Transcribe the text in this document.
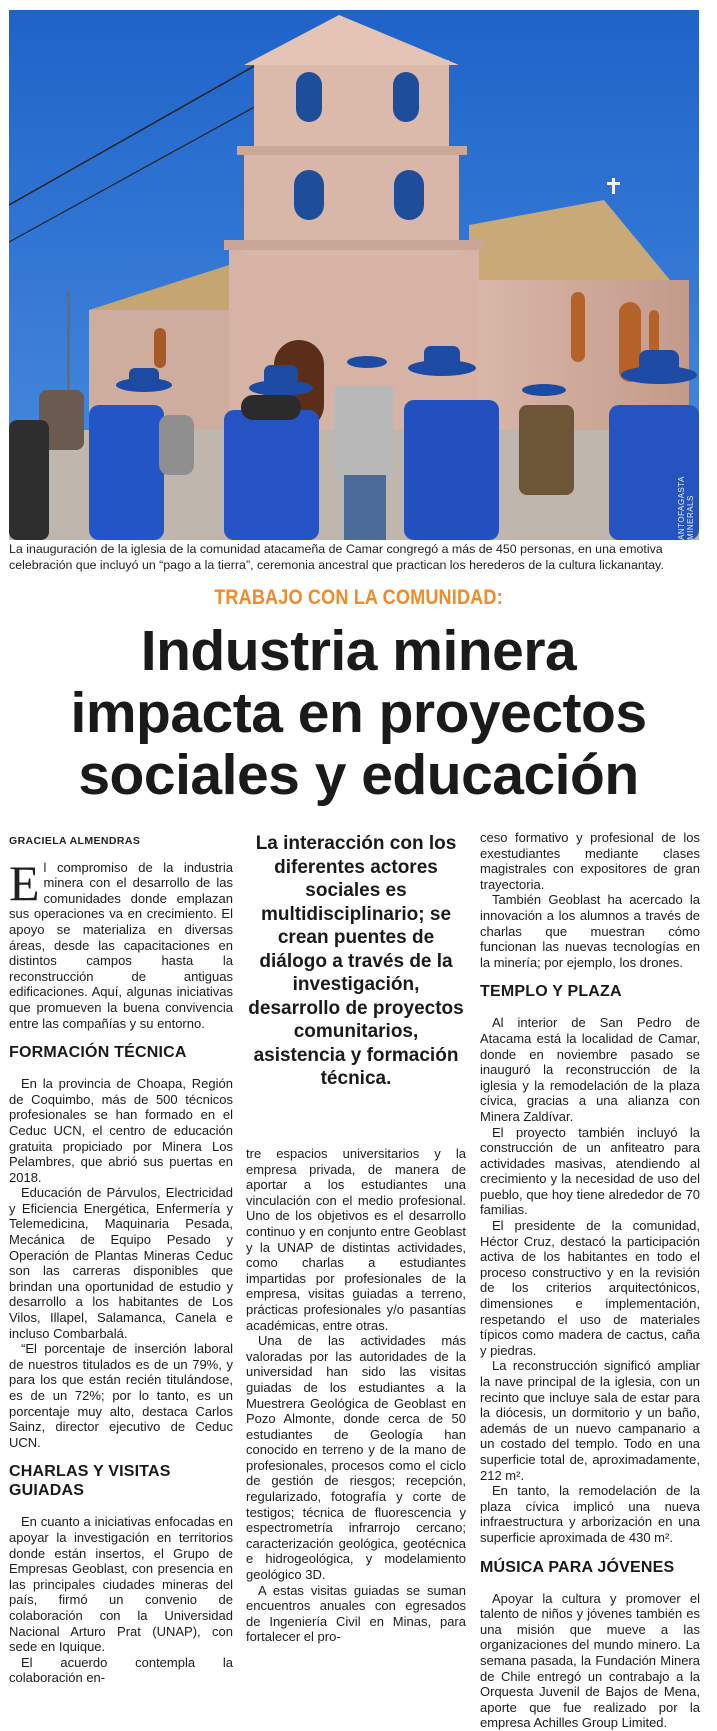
ANTOFAGASTA MINERALS
La inauguración de la iglesia de la comunidad atacameña de Camar congregó a más de 450 personas, en una emotiva celebración que incluyó un “pago a la tierra”, ceremonia ancestral que practican los herederos de la cultura lickanantay.
TRABAJO CON LA COMUNIDAD:
Industria minera
impacta en proyectos
sociales y educación
GRACIELA ALMENDRAS

El compromiso de la industria minera con el desarrollo de las comunidades donde emplazan sus operaciones va en crecimiento. El apoyo se materializa en diversas áreas, desde las capacitaciones en distintos campos hasta la reconstrucción de antiguas edificaciones. Aquí, algunas iniciativas que promueven la buena convivencia entre las compañías y su entorno.

FORMACIÓN TÉCNICA

En la provincia de Choapa, Región de Coquimbo, más de 500 técnicos profesionales se han formado en el Ceduc UCN, el centro de educación gratuita propiciado por Minera Los Pelambres, que abrió sus puertas en 2018.

Educación de Párvulos, Electricidad y Eficiencia Energética, Enfermería y Telemedicina, Maquinaria Pesada, Mecánica de Equipo Pesado y Operación de Plantas Mineras Ceduc son las carreras disponibles que brindan una oportunidad de estudio y desarrollo a los habitantes de Los Vilos, Illapel, Salamanca, Canela e incluso Combarbalá.

“El porcentaje de inserción laboral de nuestros titulados es de un 79%, y para los que están recién titulándose, es de un 72%; por lo tanto, es un porcentaje muy alto, destaca Carlos Sainz, director ejecutivo de Ceduc UCN.

CHARLAS Y VISITAS GUIADAS

En cuanto a iniciativas enfocadas en apoyar la investigación en territorios donde están insertos, el Grupo de Empresas Geoblast, con presencia en las principales ciudades mineras del país, firmó un convenio de colaboración con la Universidad Nacional Arturo Prat (UNAP), con sede en Iquique.

El acuerdo contempla la colaboración en-

La interacción con los diferentes actores sociales es multidisciplinario; se crean puentes de diálogo a través de la investigación, desarrollo de proyectos comunitarios, asistencia y formación técnica.

tre espacios universitarios y la empresa privada, de manera de aportar a los estudiantes una vinculación con el medio profesional. Uno de los objetivos es el desarrollo continuo y en conjunto entre Geoblast y la UNAP de distintas actividades, como charlas a estudiantes impartidas por profesionales de la empresa, visitas guiadas a terreno, prácticas profesionales y/o pasantías académicas, entre otras.

Una de las actividades más valoradas por las autoridades de la universidad han sido las visitas guiadas de los estudiantes a la Muestrera Geológica de Geoblast en Pozo Almonte, donde cerca de 50 estudiantes de Geología han conocido en terreno y de la mano de profesionales, procesos como el ciclo de gestión de riesgos; recepción, regularizado, fotografía y corte de testigos; técnica de fluorescencia y espectrometría infrarrojo cercano; caracterización geológica, geotécnica e hidrogeológica, y modelamiento geológico 3D.

A estas visitas guiadas se suman encuentros anuales con egresados de Ingeniería Civil en Minas, para fortalecer el pro-

ceso formativo y profesional de los exestudiantes mediante clases magistrales con expositores de gran trayectoria.

También Geoblast ha acercado la innovación a los alumnos a través de charlas que muestran cómo funcionan las nuevas tecnologías en la minería; por ejemplo, los drones.

TEMPLO Y PLAZA

Al interior de San Pedro de Atacama está la localidad de Camar, donde en noviembre pasado se inauguró la reconstrucción de la iglesia y la remodelación de la plaza cívica, gracias a una alianza con Minera Zaldívar.

El proyecto también incluyó la construcción de un anfiteatro para actividades masivas, atendiendo al crecimiento y la necesidad de uso del pueblo, que hoy tiene alrededor de 70 familias.

El presidente de la comunidad, Héctor Cruz, destacó la participación activa de los habitantes en todo el proceso constructivo y en la revisión de los criterios arquitectónicos, dimensiones e implementación, respetando el uso de materiales típicos como madera de cactus, caña y piedras.

La reconstrucción significó ampliar la nave principal de la iglesia, con un recinto que incluye sala de estar para la diócesis, un dormitorio y un baño, además de un nuevo campanario a un costado del templo. Todo en una superficie total de, aproximadamente, 212 m².

En tanto, la remodelación de la plaza cívica implicó una nueva infraestructura y arborización en una superficie aproximada de 430 m².

MÚSICA PARA JÓVENES

Apoyar la cultura y promover el talento de niños y jóvenes también es una misión que mueve a las organizaciones del mundo minero. La semana pasada, la Fundación Minera de Chile entregó un contrabajo a la Orquesta Juvenil de Bajos de Mena, aporte que fue realizado por la empresa Achilles Group Limited.
